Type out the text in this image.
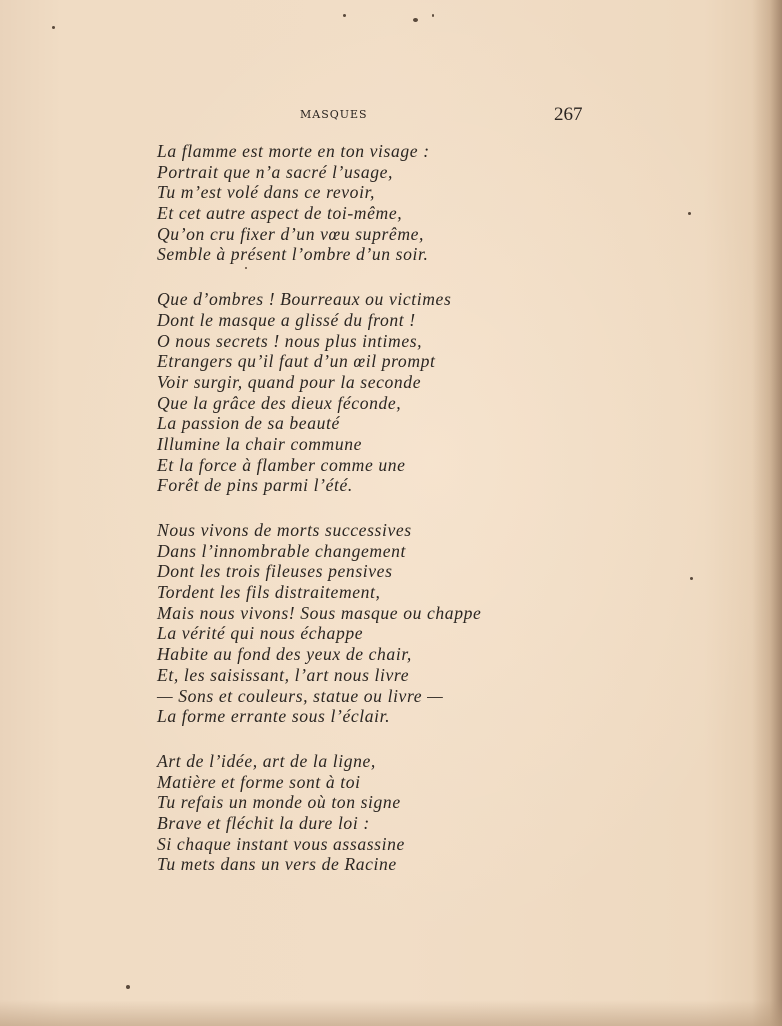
MASQUES	267
La flamme est morte en ton visage :
Portrait que n’a sacré l’usage,
Tu m’est volé dans ce revoir,
Et cet autre aspect de toi-même,
Qu’on cru fixer d’un vœu suprême,
Semble à présent l’ombre d’un soir.
Que d’ombres ! Bourreaux ou victimes
Dont le masque a glissé du front !
O nous secrets ! nous plus intimes,
Etrangers qu’il faut d’un œil prompt
Voir surgir, quand pour la seconde
Que la grâce des dieux féconde,
La passion de sa beauté
Illumine la chair commune
Et la force à flamber comme une
Forêt de pins parmi l’été.
Nous vivons de morts successives
Dans l’innombrable changement
Dont les trois fileuses pensives
Tordent les fils distraitement,
Mais nous vivons! Sous masque ou chappe
La vérité qui nous échappe
Habite au fond des yeux de chair,
Et, les saisissant, l’art nous livre
— Sons et couleurs, statue ou livre —
La forme errante sous l’éclair.
Art de l’idée, art de la ligne,
Matière et forme sont à toi
Tu refais un monde où ton signe
Brave et fléchit la dure loi :
Si chaque instant vous assassine
Tu mets dans un vers de Racine
